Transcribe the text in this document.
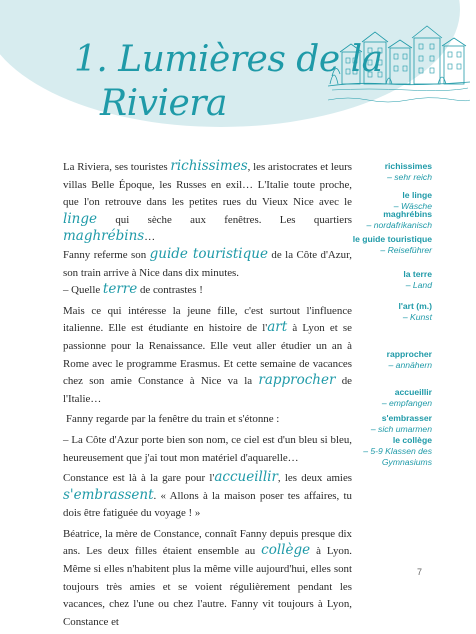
1. Lumières de la
Riviera

La Riviera, ses touristes richissimes, les aristocrates et leurs villas Belle Époque, les Russes en exil… L'Italie toute proche, que l'on retrouve dans les petites rues du Vieux Nice avec le linge qui sèche aux fenêtres. Les quartiers maghrébins…
Fanny referme son guide touristique de la Côte d'Azur, son train arrive à Nice dans dix minutes.
– Quelle terre de contrastes !

Mais ce qui intéresse la jeune fille, c'est surtout l'influence italienne. Elle est étudiante en histoire de l'art à Lyon et se passionne pour la Renaissance. Elle veut aller étudier un an à Rome avec le programme Erasmus. Et cette semaine de vacances chez son amie Constance à Nice va la rapprocher de l'Italie…

Fanny regarde par la fenêtre du train et s'étonne :

– La Côte d'Azur porte bien son nom, ce ciel est d'un bleu si bleu, heureusement que j'ai tout mon matériel d'aquarelle…

Constance est là à la gare pour l'accueillir, les deux amies s'embrassent. « Allons à la maison poser tes affaires, tu dois être fatiguée du voyage ! »

Béatrice, la mère de Constance, connaît Fanny depuis presque dix ans. Les deux filles étaient ensemble au collège à Lyon. Même si elles n'habitent plus la même ville aujourd'hui, elles sont toujours très amies et se voient régulièrement pendant les vacances, chez l'une ou chez l'autre. Fanny vit toujours à Lyon, Constance et

richissimes
– sehr reich
le linge
– Wäsche
maghrébins
– nordafrikanisch
le guide touristique
– Reiseführer
la terre
– Land
l'art (m.)
– Kunst
rapprocher
– annähern
accueillir
– empfangen
s'embrasser
– sich umarmen
le collège
– 5-9 Klassen des Gymnasiums
7
